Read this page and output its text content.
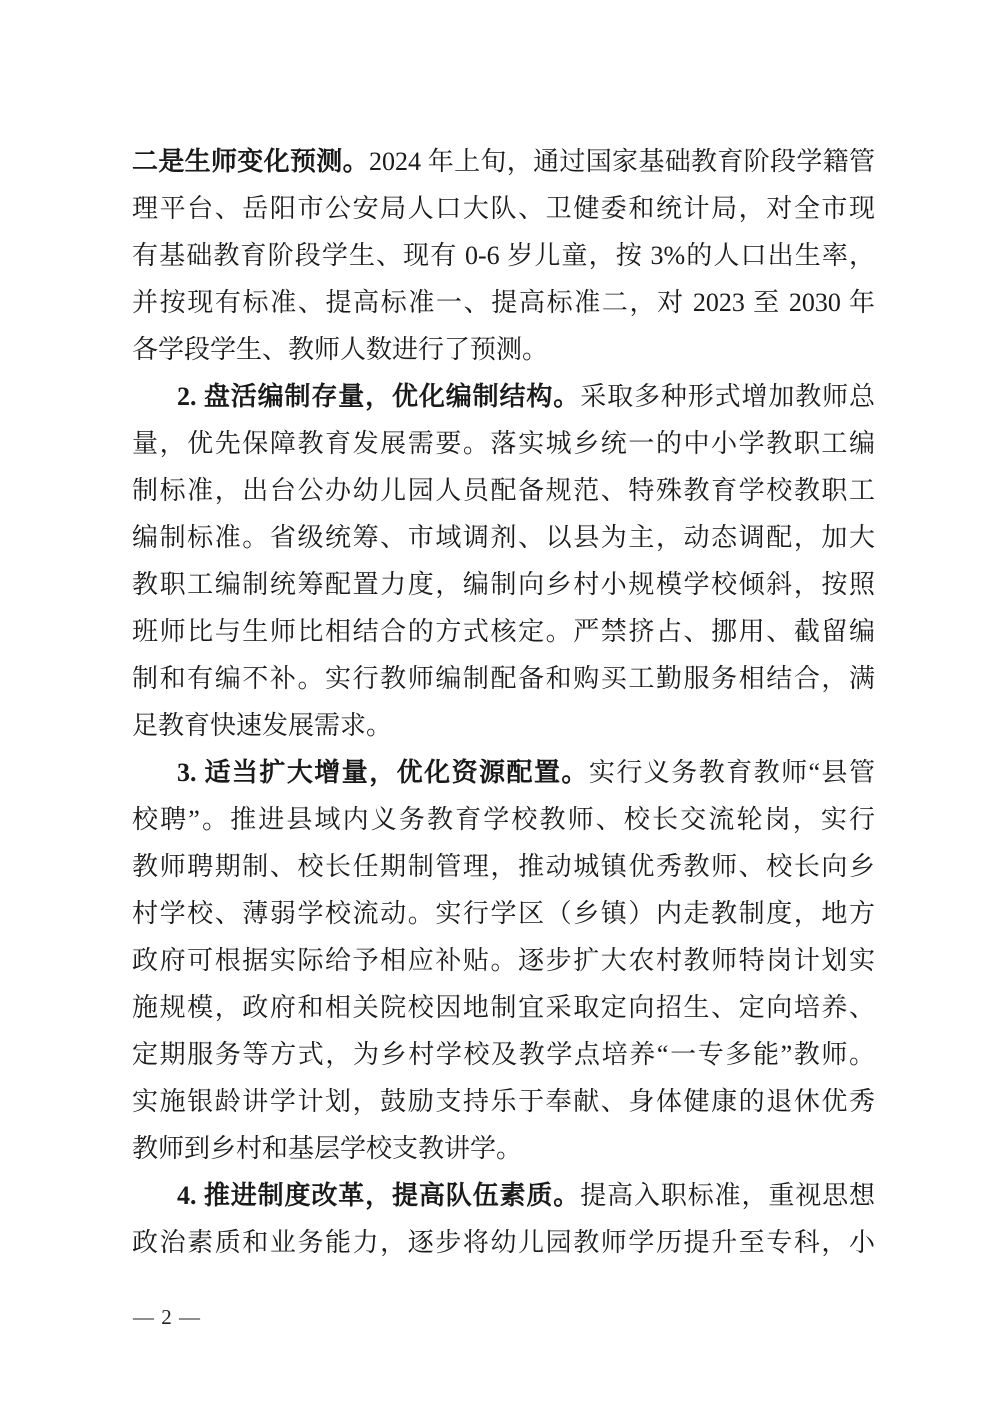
二是生师变化预测。2024 年上旬，通过国家基础教育阶段学籍管
理平台、岳阳市公安局人口大队、卫健委和统计局，对全市现
有基础教育阶段学生、现有 0-6 岁儿童，按 3%的人口出生率，
并按现有标准、提高标准一、提高标准二，对 2023 至 2030 年
各学段学生、教师人数进行了预测。
2. 盘活编制存量，优化编制结构。采取多种形式增加教师总
量，优先保障教育发展需要。落实城乡统一的中小学教职工编
制标准，出台公办幼儿园人员配备规范、特殊教育学校教职工
编制标准。省级统筹、市域调剂、以县为主，动态调配，加大
教职工编制统筹配置力度，编制向乡村小规模学校倾斜，按照
班师比与生师比相结合的方式核定。严禁挤占、挪用、截留编
制和有编不补。实行教师编制配备和购买工勤服务相结合，满
足教育快速发展需求。
3. 适当扩大增量，优化资源配置。实行义务教育教师“县管
校聘”。推进县域内义务教育学校教师、校长交流轮岗，实行
教师聘期制、校长任期制管理，推动城镇优秀教师、校长向乡
村学校、薄弱学校流动。实行学区（乡镇）内走教制度，地方
政府可根据实际给予相应补贴。逐步扩大农村教师特岗计划实
施规模，政府和相关院校因地制宜采取定向招生、定向培养、
定期服务等方式，为乡村学校及教学点培养“一专多能”教师。
实施银龄讲学计划，鼓励支持乐于奉献、身体健康的退休优秀
教师到乡村和基层学校支教讲学。
4. 推进制度改革，提高队伍素质。提高入职标准，重视思想
政治素质和业务能力，逐步将幼儿园教师学历提升至专科，小
— 2 —
